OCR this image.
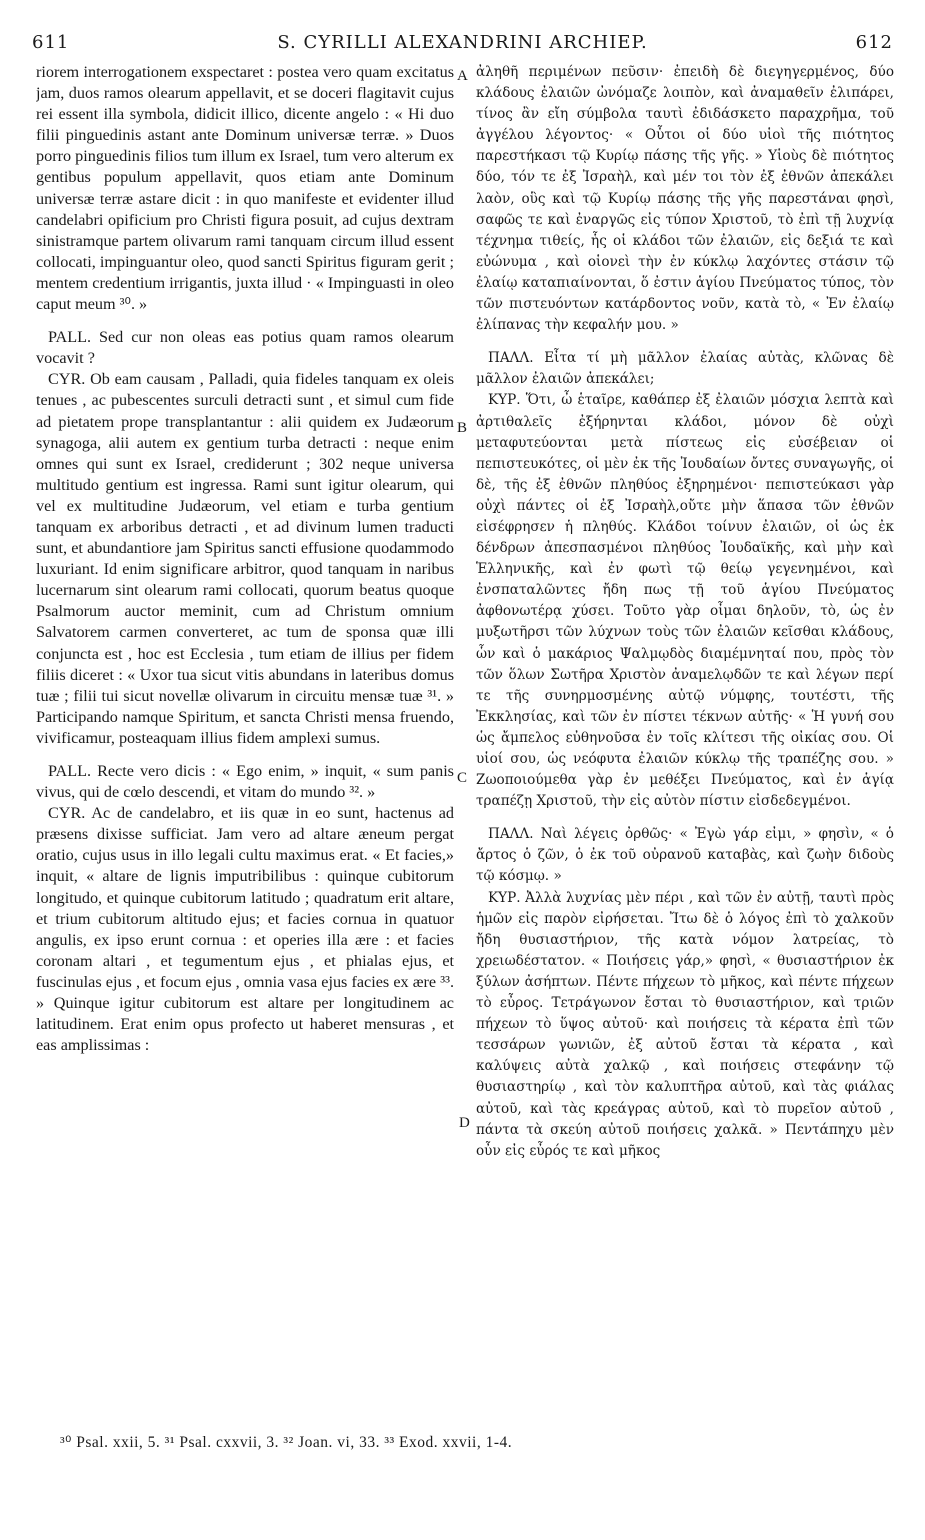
611	S. CYRILLI ALEXANDRINI ARCHIEP.	612

riorem interrogationem exspectaret : postea vero quam excitatus jam, duos ramos olearum appellavit, et se doceri flagitavit cujus rei essent illa symbola, didicit illico, dicente angelo : « Hi duo filii pinguedinis astant ante Dominum universæ terræ. » Duos porro pinguedinis filios tum illum ex Israel, tum vero alterum ex gentibus populum appellavit, quos etiam ante Dominum universæ terræ astare dicit : in quo manifeste et evidenter illud candelabri opificium pro Christi figura posuit, ad cujus dextram sinistramque partem olivarum rami tanquam circum illud essent collocati, impinguantur oleo, quod sancti Spiritus figuram gerit ; mentem credentium irrigantis, juxta illud · « Impinguasti in oleo caput meum ³⁰. »

PALL. Sed cur non oleas eas potius quam ramos olearum vocavit ?

CYR. Ob eam causam , Palladi, quia fideles tanquam ex oleis tenues , ac pubescentes surculi detracti sunt , et simul cum fide ad pietatem prope transplantantur : alii quidem ex Judæorum synagoga, alii autem ex gentium turba detracti : neque enim omnes qui sunt ex Israel, crediderunt ; 302 neque universa multitudo gentium est ingressa. Rami sunt igitur olearum, qui vel ex multitudine Judæorum, vel etiam e turba gentium tanquam ex arboribus detracti , et ad divinum lumen traducti sunt, et abundantiore jam Spiritus sancti effusione quodammodo luxuriant. Id enim significare arbitror, quod tanquam in naribus lucernarum sint olearum rami collocati, quorum beatus quoque Psalmorum auctor meminit, cum ad Christum omnium Salvatorem carmen converteret, ac tum de sponsa quæ illi conjuncta est , hoc est Ecclesia , tum etiam de illius per fidem filiis diceret : « Uxor tua sicut vitis abundans in lateribus domus tuæ ; filii tui sicut novellæ olivarum in circuitu mensæ tuæ ³¹. » Participando namque Spiritum, et sancta Christi mensa fruendo, vivificamur, posteaquam illius fidem amplexi sumus.

PALL. Recte vero dicis : « Ego enim, » inquit, « sum panis vivus, qui de cœlo descendi, et vitam do mundo ³². »

CYR. Ac de candelabro, et iis quæ in eo sunt, hactenus ad præsens dixisse sufficiat. Jam vero ad altare æneum pergat oratio, cujus usus in illo legali cultu maximus erat. « Et facies,» inquit, « altare de lignis imputribilibus : quinque cubitorum longitudo, et quinque cubitorum latitudo ; quadratum erit altare, et trium cubitorum altitudo ejus; et facies cornua in quatuor angulis, ex ipso erunt cornua : et operies illa ære : et facies coronam altari , et tegumentum ejus , et phialas ejus, et fuscinulas ejus , et focum ejus , omnia vasa ejus facies ex ære ³³. » Quinque igitur cubitorum est altare per longitudinem ac latitudinem. Erat enim opus profecto ut haberet mensuras , et eas amplissimas :

A
B
C
D

ἀληθῆ περιμένων πεῦσιν· ἐπειδὴ δὲ διεγηγερμένος, δύο κλάδους ἐλαιῶν ὠνόμαζε λοιπὸν, καὶ ἀναμαθεῖν ἐλιπάρει, τίνος ἂν εἴη σύμβολα ταυτὶ ἐδιδάσκετο παραχρῆμα, τοῦ ἀγγέλου λέγοντος· « Οὗτοι οἱ δύο υἱοὶ τῆς πιότητος παρεστήκασι τῷ Κυρίῳ πάσης τῆς γῆς. » Υἱοὺς δὲ πιότητος δύο, τόν τε ἐξ Ἰσραὴλ, καὶ μέν τοι τὸν ἐξ ἐθνῶν ἀπεκάλει λαὸν, οὓς καὶ τῷ Κυρίῳ πάσης τῆς γῆς παρεστάναι φησὶ, σαφῶς τε καὶ ἐναργῶς εἰς τύπον Χριστοῦ, τὸ ἐπὶ τῇ λυχνίᾳ τέχνημα τιθείς, ἧς οἱ κλάδοι τῶν ἐλαιῶν, εἰς δεξιά τε καὶ εὐώνυμα , καὶ οἱονεὶ τὴν ἐν κύκλῳ λαχόντες στάσιν τῷ ἐλαίῳ καταπιαίνονται, ὅ ἐστιν ἁγίου Πνεύματος τύπος, τὸν τῶν πιστευόντων κατάρδοντος νοῦν, κατὰ τὸ, « Ἐν ἐλαίῳ ἐλίπανας τὴν κεφαλήν μου. »

ΠΑΛΛ. Εἶτα τί μὴ μᾶλλον ἐλαίας αὐτὰς, κλῶνας δὲ μᾶλλον ἐλαιῶν ἀπεκάλει;

ΚΥΡ. Ὅτι, ὦ ἑταῖρε, καθάπερ ἐξ ἐλαιῶν μόσχια λεπτὰ καὶ ἀρτιθαλεῖς ἐξήρηνται κλάδοι, μόνον δὲ οὐχὶ μεταφυτεύονται μετὰ πίστεως εἰς εὐσέβειαν οἱ πεπιστευκότες, οἱ μὲν ἐκ τῆς Ἰουδαίων ὄντες συναγωγῆς, οἱ δὲ, τῆς ἐξ ἐθνῶν πληθύος ἐξηρημένοι· πεπιστεύκασι γὰρ οὐχὶ πάντες οἱ ἐξ Ἰσραὴλ,οὔτε μὴν ἅπασα τῶν ἐθνῶν εἰσέφρησεν ἡ πληθύς. Κλάδοι τοίνυν ἐλαιῶν, οἱ ὡς ἐκ δένδρων ἀπεσπασμένοι πληθύος Ἰουδαϊκῆς, καὶ μὴν καὶ Ἑλληνικῆς, καὶ ἐν φωτὶ τῷ θείῳ γεγενημένοι, καὶ ἐνσπαταλῶντες ἤδη πως τῇ τοῦ ἁγίου Πνεύματος ἀφθονωτέρᾳ χύσει. Τοῦτο γὰρ οἶμαι δηλοῦν, τὸ, ὡς ἐν μυξωτῆρσι τῶν λύχνων τοὺς τῶν ἐλαιῶν κεῖσθαι κλάδους, ὧν καὶ ὁ μακάριος Ψαλμῳδὸς διαμέμνηταί που, πρὸς τὸν τῶν ὅλων Σωτῆρα Χριστὸν ἀναμελῳδῶν τε καὶ λέγων περί τε τῆς συνηρμοσμένης αὐτῷ νύμφης, τουτέστι, τῆς Ἐκκλησίας, καὶ τῶν ἐν πίστει τέκνων αὐτῆς· « Ἡ γυνή σου ὡς ἄμπελος εὐθηνοῦσα ἐν τοῖς κλίτεσι τῆς οἰκίας σου. Οἱ υἱοί σου, ὡς νεόφυτα ἐλαιῶν κύκλῳ τῆς τραπέζης σου. » Ζωοποιούμεθα γὰρ ἐν μεθέξει Πνεύματος, καὶ ἐν ἁγίᾳ τραπέζῃ Χριστοῦ, τὴν εἰς αὐτὸν πίστιν εἰσδεδεγμένοι.

ΠΑΛΛ. Ναὶ λέγεις ὀρθῶς· « Ἐγὼ γάρ εἰμι, » φησὶν, « ὁ ἄρτος ὁ ζῶν, ὁ ἐκ τοῦ οὐρανοῦ καταβὰς, καὶ ζωὴν διδοὺς τῷ κόσμῳ. »

ΚΥΡ. Ἀλλὰ λυχνίας μὲν πέρι , καὶ τῶν ἐν αὐτῇ, ταυτὶ πρὸς ἡμῶν εἰς παρὸν εἰρήσεται. Ἴτω δὲ ὁ λόγος ἐπὶ τὸ χαλκοῦν ἤδη θυσιαστήριον, τῆς κατὰ νόμον λατρείας, τὸ χρειωδέστατον. « Ποιήσεις γάρ,» φησὶ, « θυσιαστήριον ἐκ ξύλων ἀσήπτων. Πέντε πήχεων τὸ μῆκος, καὶ πέντε πήχεων τὸ εὖρος. Τετράγωνον ἔσται τὸ θυσιαστήριον, καὶ τριῶν πήχεων τὸ ὕψος αὐτοῦ· καὶ ποιήσεις τὰ κέρατα ἐπὶ τῶν τεσσάρων γωνιῶν, ἐξ αὐτοῦ ἔσται τὰ κέρατα , καὶ καλύψεις αὐτὰ χαλκῷ , καὶ ποιήσεις στεφάνην τῷ θυσιαστηρίῳ , καὶ τὸν καλυπτῆρα αὐτοῦ, καὶ τὰς φιάλας αὐτοῦ, καὶ τὰς κρεάγρας αὐτοῦ, καὶ τὸ πυρεῖον αὐτοῦ , πάντα τὰ σκεύη αὐτοῦ ποιήσεις χαλκᾶ. » Πεντάπηχυ μὲν οὖν εἰς εὖρός τε καὶ μῆκος

³⁰ Psal. xxii, 5. ³¹ Psal. cxxvii, 3. ³² Joan. vi, 33. ³³ Exod. xxvii, 1-4.
